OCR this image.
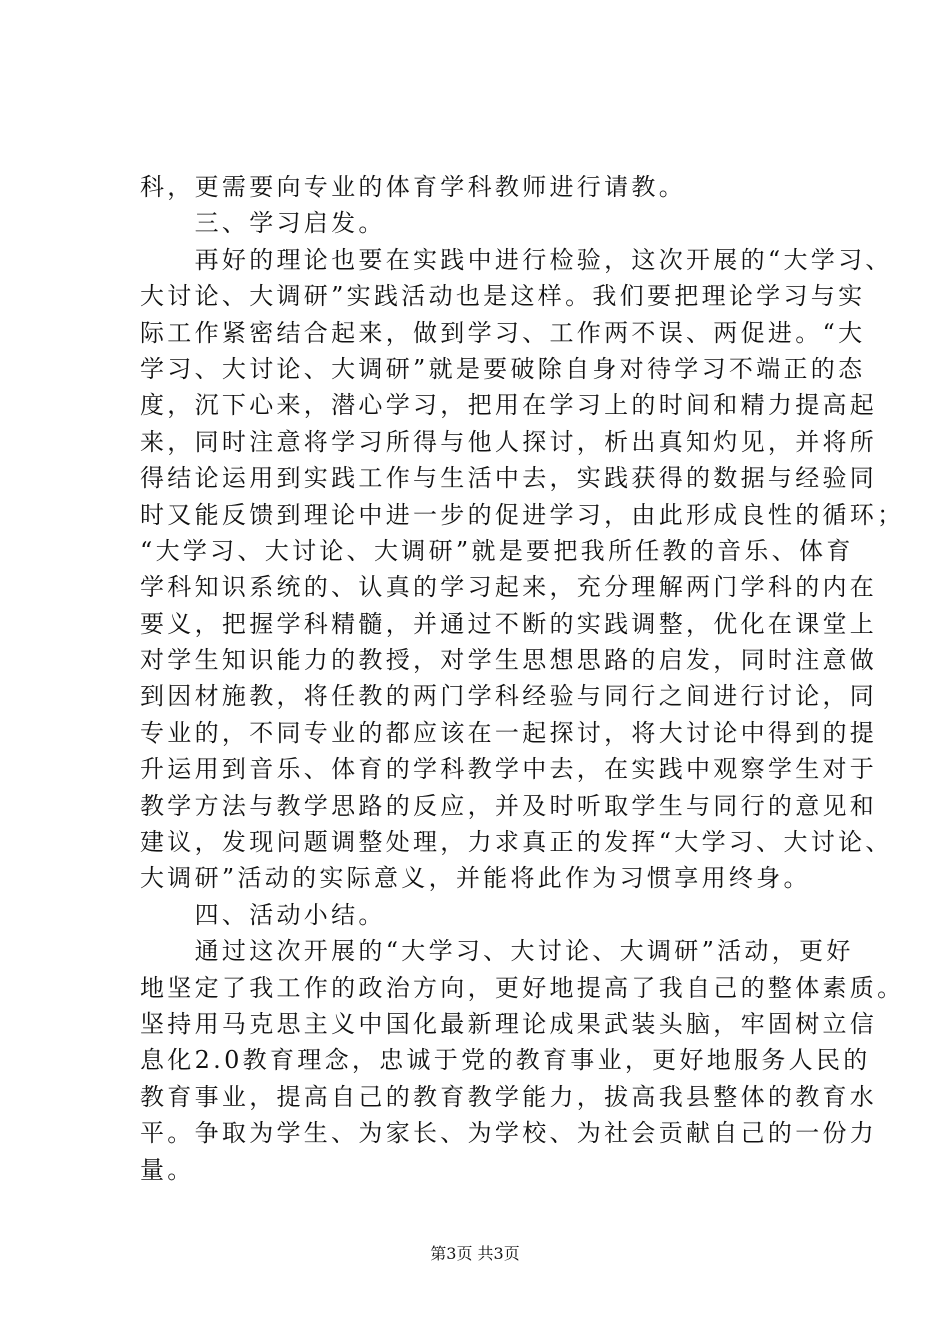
科，更需要向专业的体育学科教师进行请教。
　　三、学习启发。
　　再好的理论也要在实践中进行检验，这次开展的“大学习、
大讨论、大调研”实践活动也是这样。我们要把理论学习与实
际工作紧密结合起来，做到学习、工作两不误、两促进。“大
学习、大讨论、大调研”就是要破除自身对待学习不端正的态
度，沉下心来，潜心学习，把用在学习上的时间和精力提高起
来，同时注意将学习所得与他人探讨，析出真知灼见，并将所
得结论运用到实践工作与生活中去，实践获得的数据与经验同
时又能反馈到理论中进一步的促进学习，由此形成良性的循环；
“大学习、大讨论、大调研”就是要把我所任教的音乐、体育
学科知识系统的、认真的学习起来，充分理解两门学科的内在
要义，把握学科精髓，并通过不断的实践调整，优化在课堂上
对学生知识能力的教授，对学生思想思路的启发，同时注意做
到因材施教，将任教的两门学科经验与同行之间进行讨论，同
专业的，不同专业的都应该在一起探讨，将大讨论中得到的提
升运用到音乐、体育的学科教学中去，在实践中观察学生对于
教学方法与教学思路的反应，并及时听取学生与同行的意见和
建议，发现问题调整处理，力求真正的发挥“大学习、大讨论、
大调研”活动的实际意义，并能将此作为习惯享用终身。
　　四、活动小结。
　　通过这次开展的“大学习、大讨论、大调研”活动，更好
地坚定了我工作的政治方向，更好地提高了我自己的整体素质。
坚持用马克思主义中国化最新理论成果武装头脑，牢固树立信
息化2.0教育理念，忠诚于党的教育事业，更好地服务人民的
教育事业，提高自己的教育教学能力，拔高我县整体的教育水
平。争取为学生、为家长、为学校、为社会贡献自己的一份力
量。
第3页 共3页
